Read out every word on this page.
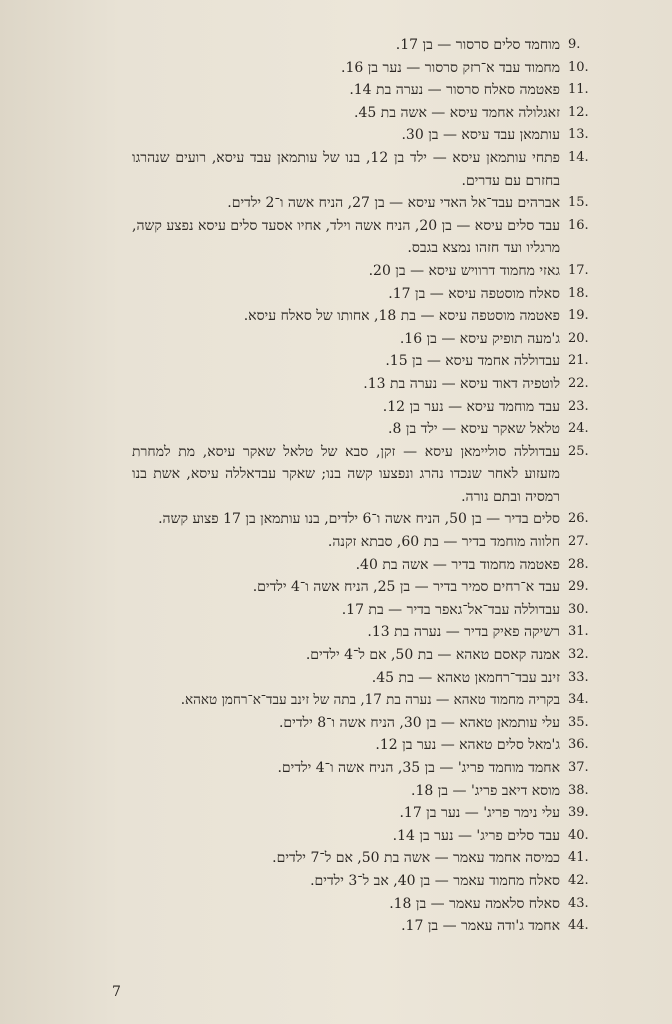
9.
מוחמד סלים סרסור — בן 17.
10.
מחמוד עבד א־רזק סרסור — נער בן 16.
11.
פאטמה סאלח סרסור — נערה בת 14.
12.
זאגלולה אחמד עיסא — אשה בת 45.
13.
עותמאן עבד עיסא — בן 30.
14.
פתחי עותמאן עיסא — ילד בן 12, בנו של עותמאן עבד עיסא, רועים שנהרגו בחזרם עם עדרים.
15.
אברהים עבד־אל האדי עיסא — בן 27, הניח אשה ו־2 ילדים.
16.
עבד סלים עיסא — בן 20, הניח אשה וילד, אחיו אסעד סלים עיסא נפצע קשה, מרגליו ועד חזהו נמצא בגבס.
17.
גאזי מחמוד דרוויש עיסא — בן 20.
18.
סאלח מוסטפה עיסא — בן 17.
19.
פאטמה מוסטפה עיסא — בת 18, אחותו של סאלח עיסא.
20.
ג'מעה תופיק עיסא — בן 16.
21.
עבדוללה אחמד עיסא — בן 15.
22.
לוטפיה דאוד עיסא — נערה בת 13.
23.
עבד מוחמד עיסא — נער בן 12.
24.
טלאל שאקר עיסא — ילד בן 8.
25.
עבדוללה סוליימאן עיסא — זקן, סבא של טלאל שאקר עיסא, מת למחרת מזעזוע לאחר שנכדו נהרג ונפצעו קשה בנו; שאקר עבדאללה עיסא, אשת בנו רמסיה ובתם נורה.
26.
סלים בדיר — בן 50, הניח אשה ו־6 ילדים, בנו עותמאן בן 17 פצוע קשה.
27.
חלווה מוחמד בדיר — בת 60, סבתא זקנה.
28.
פאטמה מחמוד בדיר — אשה בת 40.
29.
עבד א־רחים סמיר בדיר — בן 25, הניח אשה ו־4 ילדים.
30.
עבדוללה עבד־אל־גאפר בדיר — בת 17.
31.
רשיקה פאיק בדיר — נערה בת 13.
32.
אמנה קאסם טאהא — בת 50, אם ל־4 ילדים.
33.
זינב עבד־רחמאן טאהא — בת 45.
34.
בקריה מחמוד טאהא — נערה בת 17, בתה של זינב עבד־א־רחמן טאהא.
35.
עלי עותמאן טאהא — בן 30, הניח אשה ו־8 ילדים.
36.
ג'מאל סלים טאהא — נער בן 12.
37.
אחמד מוחמד פריג' — בן 35, הניח אשה ו־4 ילדים.
38.
מוסא דיאב פריג' — בן 18.
39.
עלי נימר פריג' — נער בן 17.
40.
עבד סלים פריג' — נער בן 14.
41.
כמיסה אחמד עאמר — אשה בת 50, אם ל־7 ילדים.
42.
סאלח מחמוד עאמר — בן 40, אב ל־3 ילדים.
43.
סאלח סלאמה עאמר — בן 18.
44.
אחמד ג'ודה עאמר — בן 17.
7
